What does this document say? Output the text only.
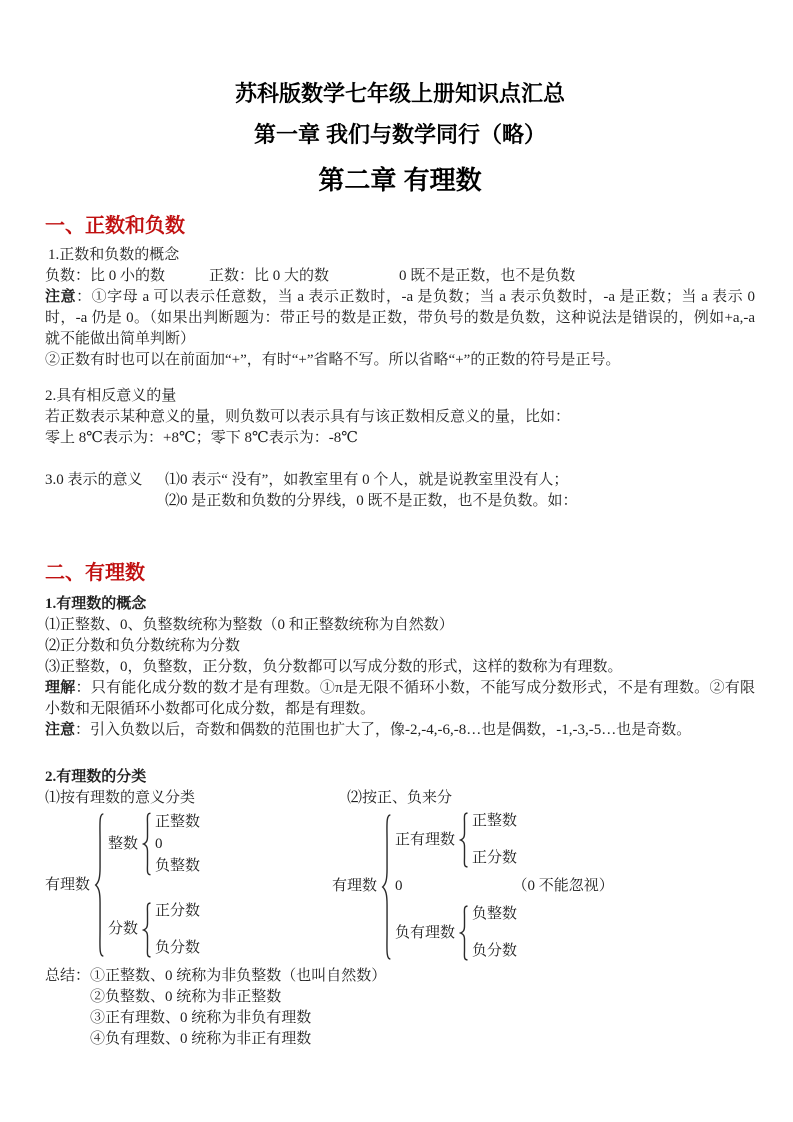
苏科版数学七年级上册知识点汇总
第一章 我们与数学同行（略）
第二章 有理数
一、正数和负数

1.正数和负数的概念

负数：比 0 小的数	正数：比 0 大的数	0 既不是正数，也不是负数

注意：①字母 a 可以表示任意数，当 a 表示正数时，-a 是负数；当 a 表示负数时，-a 是正数；当 a 表示 0 时，-a 仍是 0。（如果出判断题为：带正号的数是正数，带负号的数是负数，这种说法是错误的，例如+a,-a 就不能做出简单判断）

②正数有时也可以在前面加“+”，有时“+”省略不写。所以省略“+”的正数的符号是正号。

2.具有相反意义的量

若正数表示某种意义的量，则负数可以表示具有与该正数相反意义的量，比如：

零上 8℃表示为：+8℃；零下 8℃表示为：-8℃

3.0 表示的意义	⑴0 表示“ 没有”，如教室里有 0 个人，就是说教室里没有人；
⑵0 是正数和负数的分界线，0 既不是正数，也不是负数。如：
二、有理数

1.有理数的概念

⑴正整数、0、负整数统称为整数（0 和正整数统称为自然数）

⑵正分数和负分数统称为分数

⑶正整数，0，负整数，正分数，负分数都可以写成分数的形式，这样的数称为有理数。

理解：只有能化成分数的数才是有理数。①π是无限不循环小数，不能写成分数形式，不是有理数。②有限小数和无限循环小数都可化成分数，都是有理数。

注意：引入负数以后，奇数和偶数的范围也扩大了，像-2,-4,-6,-8…也是偶数，-1,-3,-5…也是奇数。

2.有理数的分类

⑴按有理数的意义分类	⑵按正、负来分
有理数
整数
正整数
0
负整数
分数
正分数
负分数
有理数
正有理数
正整数
正分数
0	（0 不能忽视）
负有理数
负整数
负分数
总结： ①正整数、0 统称为非负整数（也叫自然数）
②负整数、0 统称为非正整数
③正有理数、0 统称为非负有理数
④负有理数、0 统称为非正有理数
